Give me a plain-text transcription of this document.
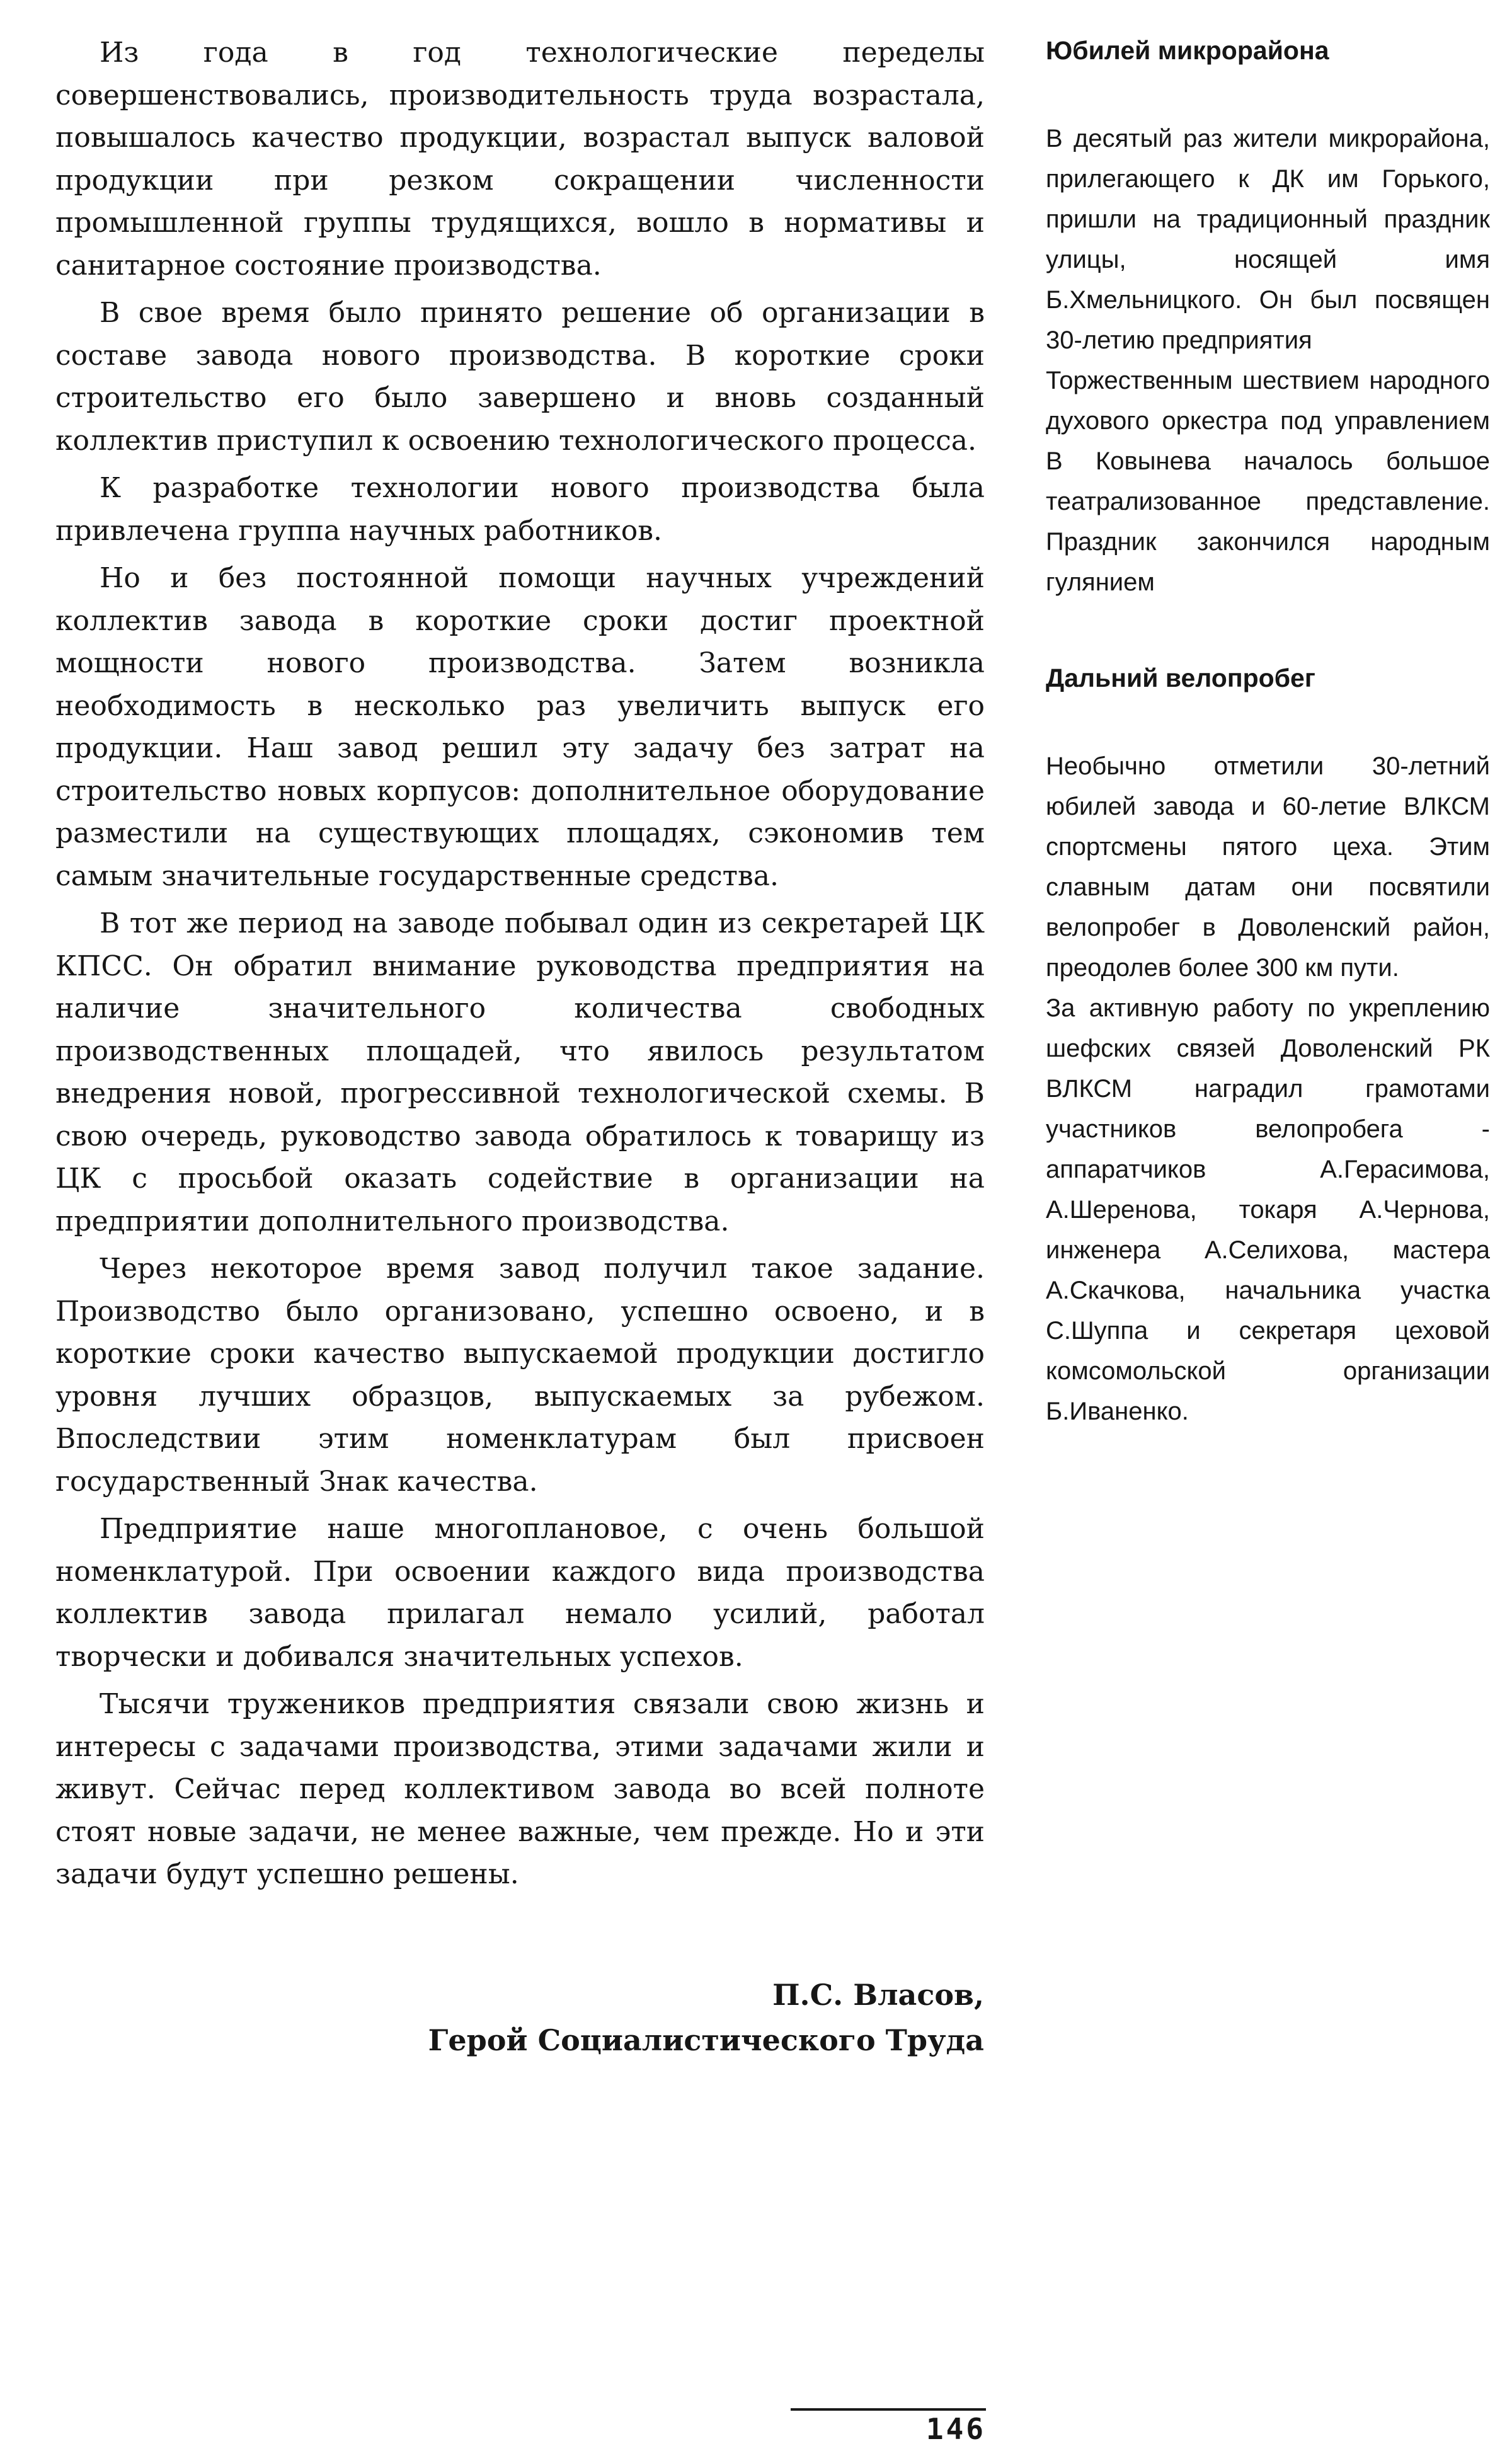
Из года в год технологические переделы совершенствовались, производительность труда возрастала, повышалось качество продукции, возрастал выпуск валовой продукции при резком сокращении численности промышленной группы трудящихся, вошло в нормативы и санитарное состояние производства.

В свое время было принято решение об организации в составе завода нового производства. В короткие сроки строительство его было завершено и вновь созданный коллектив приступил к освоению технологического процесса.

К разработке технологии нового производства была привлечена группа научных работников.

Но и без постоянной помощи научных учреждений коллектив завода в короткие сроки достиг проектной мощности нового производства. Затем возникла необходимость в несколько раз увеличить выпуск его продукции. Наш завод решил эту задачу без затрат на строительство новых корпусов: дополнительное оборудование разместили на существующих площадях, сэкономив тем самым значительные государственные средства.

В тот же период на заводе побывал один из секретарей ЦК КПСС. Он обратил внимание руководства предприятия на наличие значительного количества свободных производственных площадей, что явилось результатом внедрения новой, прогрессивной технологической схемы. В свою очередь, руководство завода обратилось к товарищу из ЦК с просьбой оказать содействие в организации на предприятии дополнительного производства.

Через некоторое время завод получил такое задание. Производство было организовано, успешно освоено, и в короткие сроки качество выпускаемой продукции достигло уровня лучших образцов, выпускаемых за рубежом. Впоследствии этим номенклатурам был присвоен государственный Знак качества.

Предприятие наше многоплановое, с очень большой номенклатурой. При освоении каждого вида производства коллектив завода прилагал немало усилий, работал творчески и добивался значительных успехов.

Тысячи тружеников предприятия связали свою жизнь и интересы с задачами производства, этими задачами жили и живут. Сейчас перед коллективом завода во всей полноте стоят новые задачи, не менее важные, чем прежде. Но и эти задачи будут успешно решены.

П.С. Власов,
Герой Социалистического Труда
Юбилей микрорайона

В десятый раз жители микрорайона, прилегающего к ДК им Горького, пришли на традиционный праздник улицы, носящей имя Б.Хмельницкого. Он был посвящен 30-летию предприятия

Торжественным шествием народного духового оркестра под управлением В Ковынева началось большое театрализованное представление. Праздник закончился народным гулянием

Дальний велопробег

Необычно отметили 30-летний юбилей завода и 60-летие ВЛКСМ спортсмены пятого цеха. Этим славным датам они посвятили велопробег в Доволенский район, преодолев более 300 км пути.

За активную работу по укреплению шефских связей Доволенский РК ВЛКСМ наградил грамотами участников велопробега - аппаратчиков А.Герасимова, А.Шеренова, токаря А.Чернова, инженера А.Селихова, мастера А.Скачкова, начальника участка С.Шуппа и секретаря цеховой комсомольской организации Б.Иваненко.

146
